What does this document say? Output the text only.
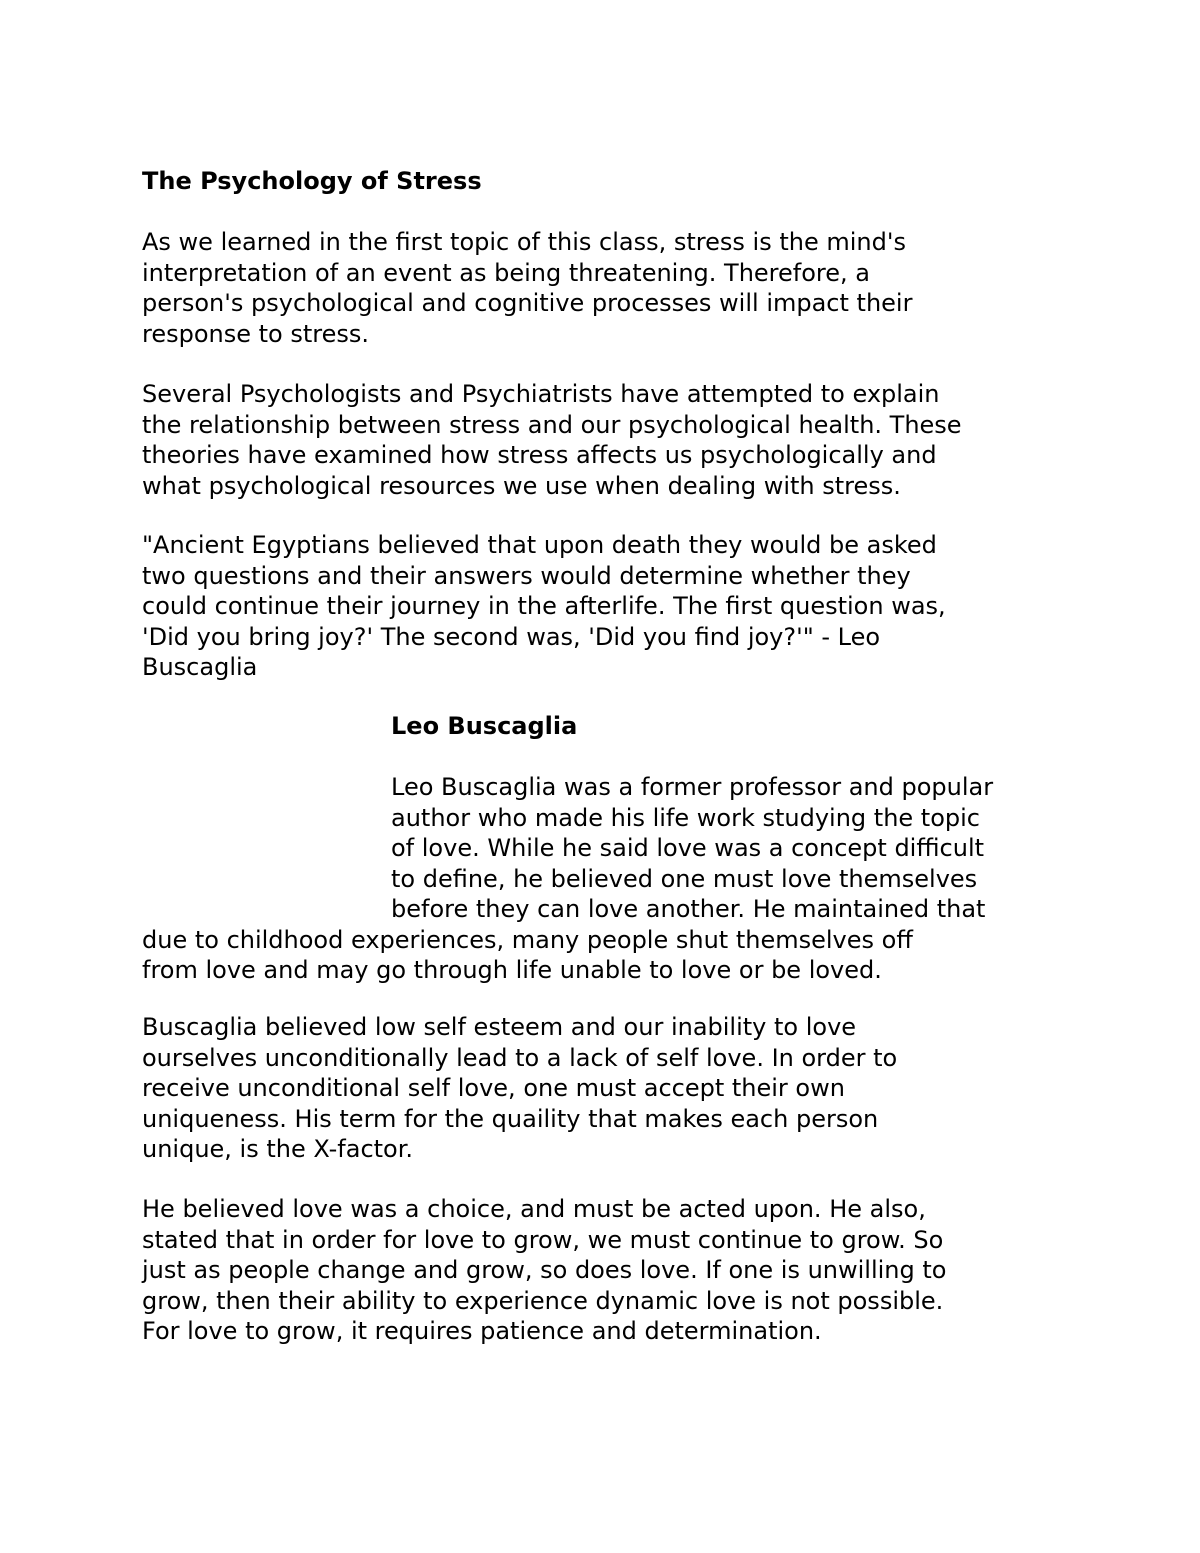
The Psychology of Stress
As we learned in the first topic of this class, stress is the mind's
interpretation of an event as being threatening. Therefore, a
person's psychological and cognitive processes will impact their
response to stress.
Several Psychologists and Psychiatrists have attempted to explain
the relationship between stress and our psychological health. These
theories have examined how stress affects us psychologically and
what psychological resources we use when dealing with stress.
"Ancient Egyptians believed that upon death they would be asked
two questions and their answers would determine whether they
could continue their journey in the afterlife. The first question was,
'Did you bring joy?' The second was, 'Did you find joy?'" - Leo
Buscaglia
Leo Buscaglia
Leo Buscaglia was a former professor and popular
author who made his life work studying the topic
of love. While he said love was a concept difficult
to define, he believed one must love themselves
before they can love another. He maintained that
due to childhood experiences, many people shut themselves off
from love and may go through life unable to love or be loved.
Buscaglia believed low self esteem and our inability to love
ourselves unconditionally lead to a lack of self love. In order to
receive unconditional self love, one must accept their own
uniqueness. His term for the quaility that makes each person
unique, is the X-factor.
He believed love was a choice, and must be acted upon. He also,
stated that in order for love to grow, we must continue to grow. So
just as people change and grow, so does love. If one is unwilling to
grow, then their ability to experience dynamic love is not possible.
For love to grow, it requires patience and determination.
